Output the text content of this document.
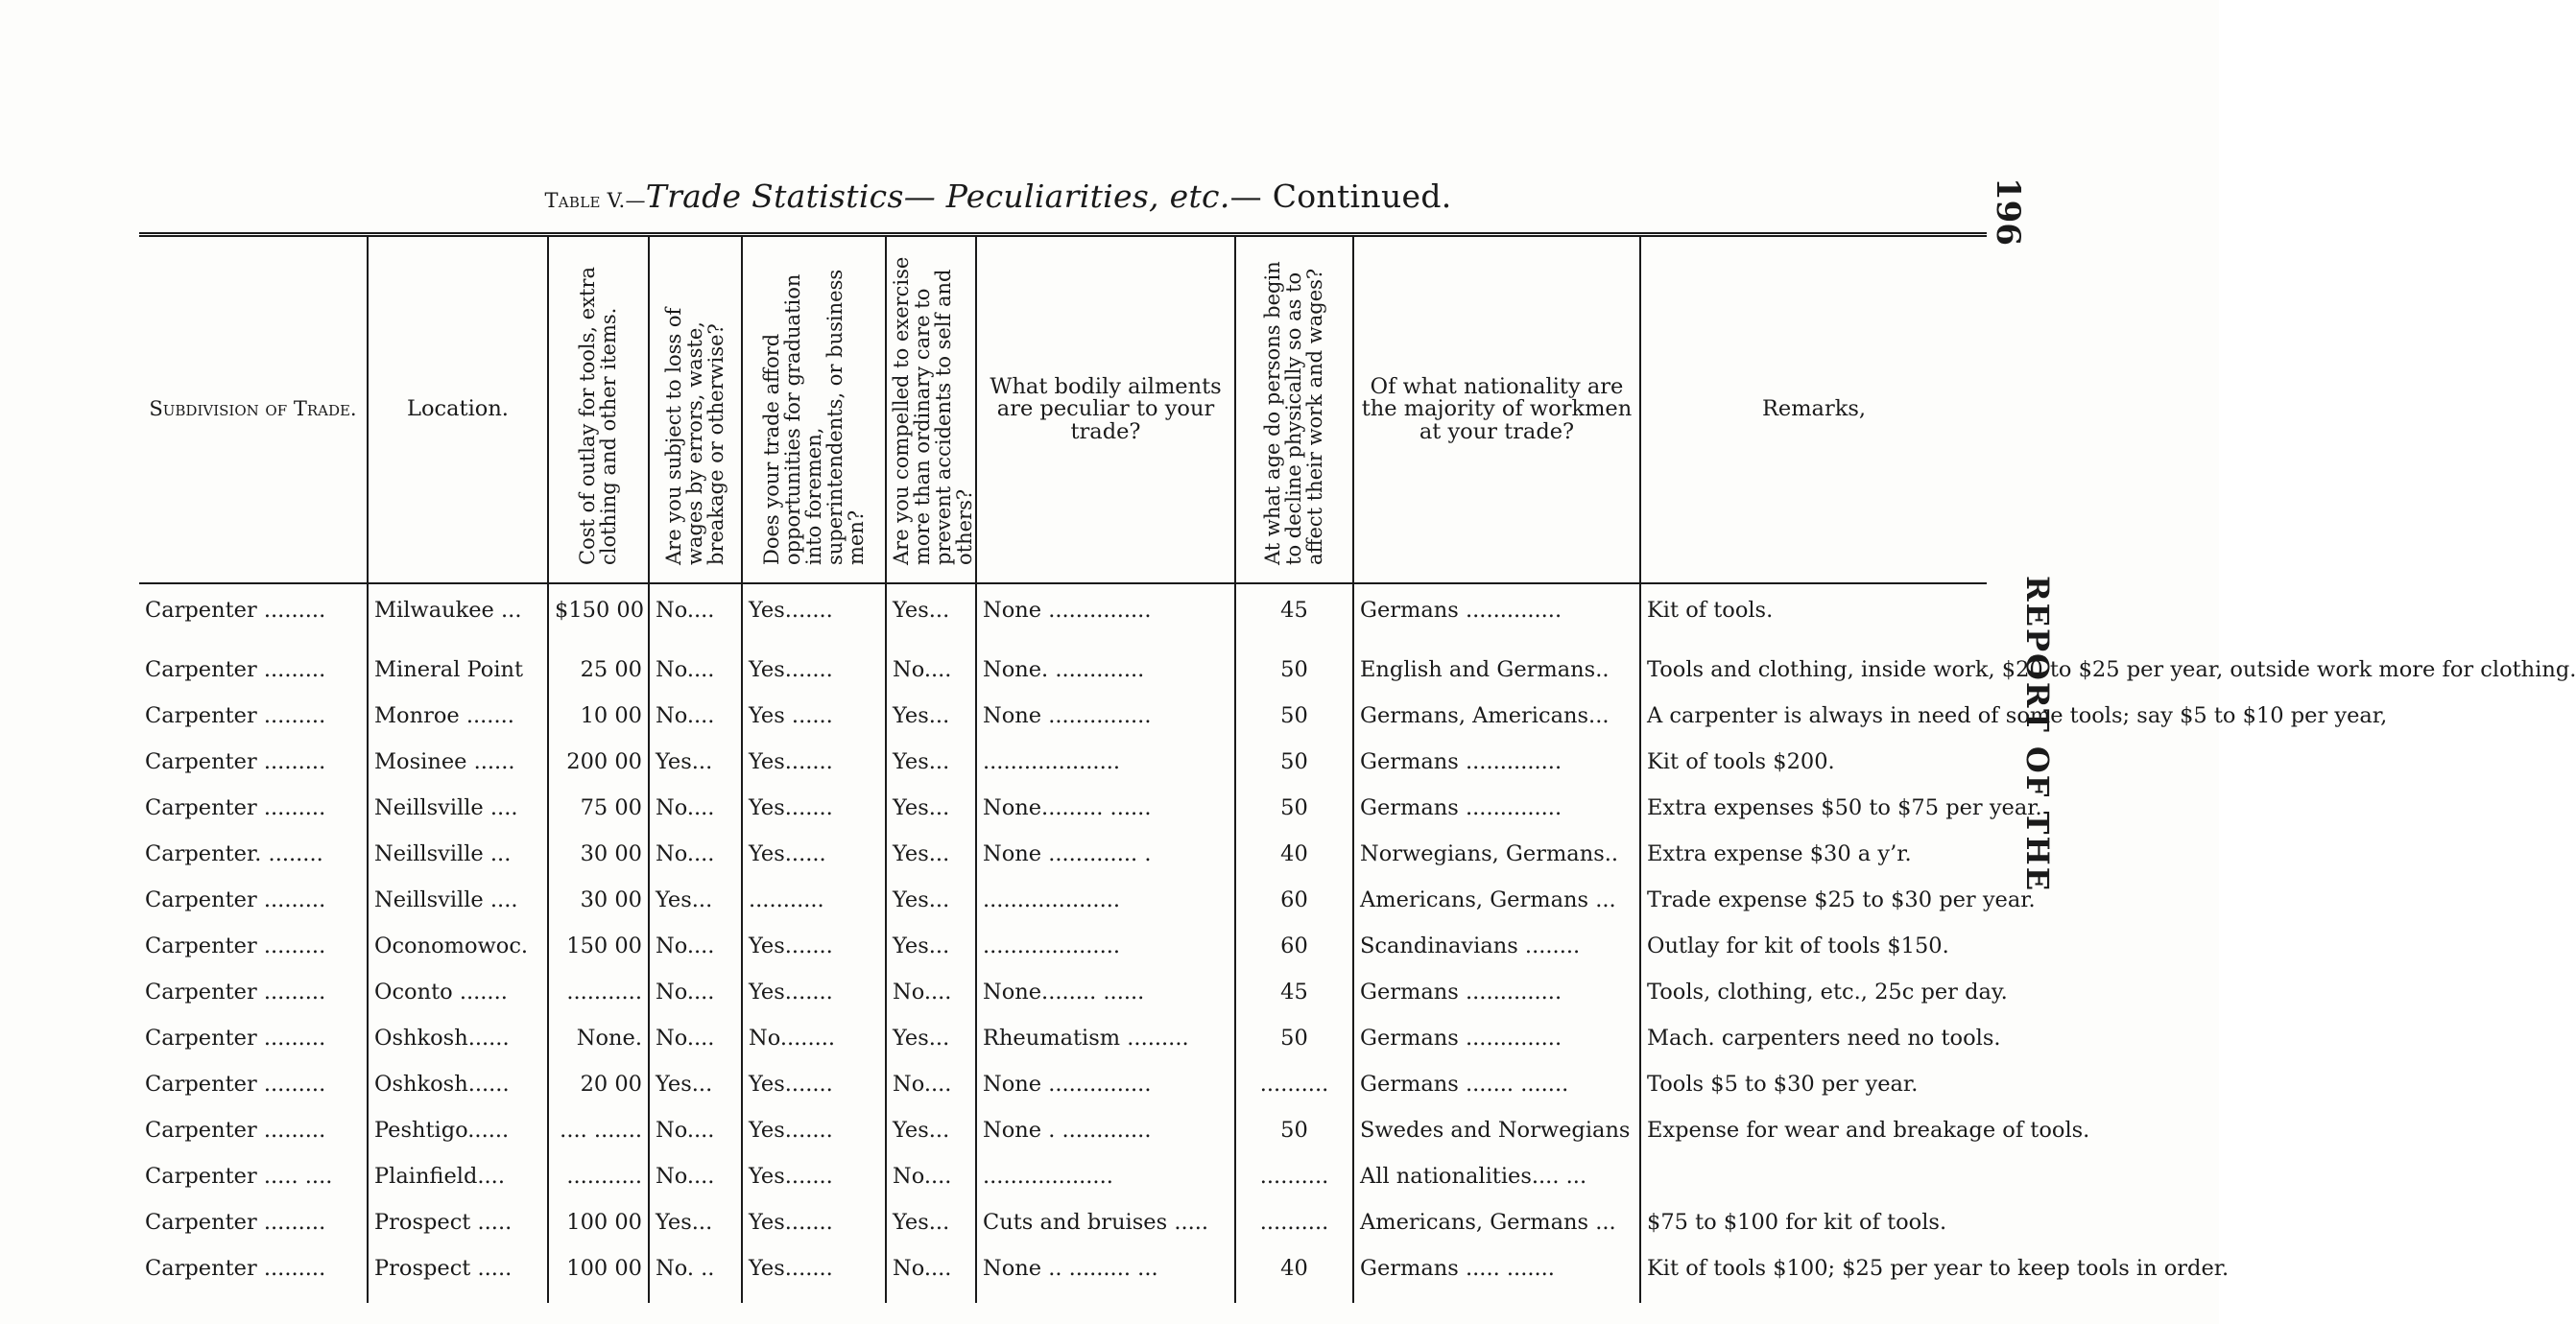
Table V.—Trade Statistics— Peculiarities, etc.— Continued.	196
REPORT OF THE
Subdivision of Trade.	Location.	Cost of outlay for tools, extra clothing and other items.	Are you subject to loss of wages by errors, waste, breakage or otherwise?	Does your trade afford opportunities for graduation into foremen, superintendents, or business men?	Are you compelled to exercise more than ordinary care to prevent accidents to self and others?	What bodily ailments are peculiar to your trade?	At what age do persons begin to decline physically so as to affect their work and wages?	Of what nationality are the majority of workmen at your trade?	Remarks,
Carpenter .........	Milwaukee ...	$150 00	No....	Yes.......	Yes...	None ...............	45	Germans ..............	Kit of tools.
Carpenter .........	Mineral Point	25 00	No....	Yes.......	No....	None. .............	50	English and Germans..	Tools and clothing, inside work, $20 to $25 per year, outside work more for clothing.
Carpenter .........	Monroe .......	10 00	No....	Yes ......	Yes...	None ...............	50	Germans, Americans...	A carpenter is always in need of some tools; say $5 to $10 per year,
Carpenter .........	Mosinee ......	200 00	Yes...	Yes.......	Yes...	....................	50	Germans ..............	Kit of tools $200.
Carpenter .........	Neillsville ....	75 00	No....	Yes.......	Yes...	None......... ......	50	Germans ..............	Extra expenses $50 to $75 per year.
Carpenter. ........	Neillsville ...	30 00	No....	Yes......	Yes...	None ............. .	40	Norwegians, Germans..	Extra expense $30 a y’r.
Carpenter .........	Neillsville ....	30 00	Yes...	...........	Yes...	....................	60	Americans, Germans ...	Trade expense $25 to $30 per year.
Carpenter .........	Oconomowoc.	150 00	No....	Yes.......	Yes...	....................	60	Scandinavians ........	Outlay for kit of tools $150.
Carpenter .........	Oconto .......	...........	No....	Yes.......	No....	None........ ......	45	Germans ..............	Tools, clothing, etc., 25c per day.
Carpenter .........	Oshkosh......	None.	No....	No........	Yes...	Rheumatism .........	50	Germans ..............	Mach. carpenters need no tools.
Carpenter .........	Oshkosh......	20 00	Yes...	Yes.......	No....	None ...............	..........	Germans ....... .......	Tools $5 to $30 per year.
Carpenter .........	Peshtigo......	.... .......	No....	Yes.......	Yes...	None . .............	50	Swedes and Norwegians	Expense for wear and breakage of tools.
Carpenter ..... ....	Plainfield....	...........	No....	Yes.......	No....	...................	..........	All nationalities.... ...	
Carpenter .........	Prospect .....	100 00	Yes...	Yes.......	Yes...	Cuts and bruises .....	..........	Americans, Germans ...	$75 to $100 for kit of tools.
Carpenter .........	Prospect .....	100 00	No. ..	Yes.......	No....	None .. ......... ...	40	Germans ..... .......	Kit of tools $100; $25 per year to keep tools in order.
